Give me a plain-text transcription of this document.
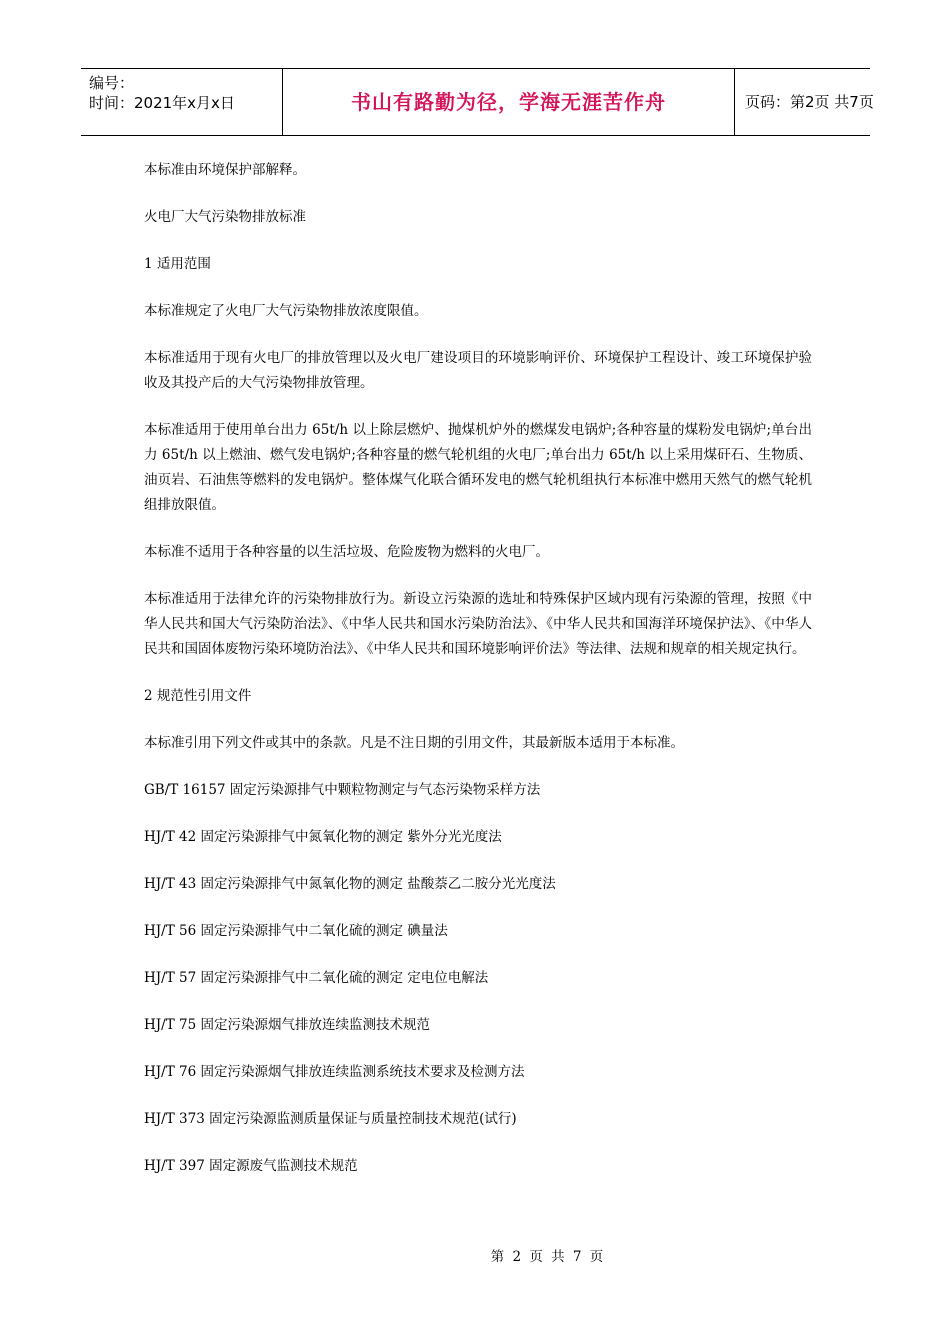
编号：
时间：2021年x月x日	书山有路勤为径，学海无涯苦作舟	页码：第2页 共7页

本标准由环境保护部解释。

火电厂大气污染物排放标准

1 适用范围

本标准规定了火电厂大气污染物排放浓度限值。

本标准适用于现有火电厂的排放管理以及火电厂建设项目的环境影响评价、环境保护工程设计、竣工环境保护验收及其投产后的大气污染物排放管理。

本标准适用于使用单台出力 65t/h 以上除层燃炉、抛煤机炉外的燃煤发电锅炉;各种容量的煤粉发电锅炉;单台出力 65t/h 以上燃油、燃气发电锅炉;各种容量的燃气轮机组的火电厂;单台出力 65t/h 以上采用煤矸石、生物质、油页岩、石油焦等燃料的发电锅炉。整体煤气化联合循环发电的燃气轮机组执行本标准中燃用天然气的燃气轮机组排放限值。

本标准不适用于各种容量的以生活垃圾、危险废物为燃料的火电厂。

本标准适用于法律允许的污染物排放行为。新设立污染源的选址和特殊保护区域内现有污染源的管理，按照《中华人民共和国大气污染防治法》、《中华人民共和国水污染防治法》、《中华人民共和国海洋环境保护法》、《中华人民共和国固体废物污染环境防治法》、《中华人民共和国环境影响评价法》等法律、法规和规章的相关规定执行。

2 规范性引用文件

本标准引用下列文件或其中的条款。凡是不注日期的引用文件，其最新版本适用于本标准。

GB/T 16157 固定污染源排气中颗粒物测定与气态污染物采样方法

HJ/T 42 固定污染源排气中氮氧化物的测定 紫外分光光度法

HJ/T 43 固定污染源排气中氮氧化物的测定 盐酸萘乙二胺分光光度法

HJ/T 56 固定污染源排气中二氧化硫的测定 碘量法

HJ/T 57 固定污染源排气中二氧化硫的测定 定电位电解法

HJ/T 75 固定污染源烟气排放连续监测技术规范

HJ/T 76 固定污染源烟气排放连续监测系统技术要求及检测方法

HJ/T 373 固定污染源监测质量保证与质量控制技术规范(试行)

HJ/T 397 固定源废气监测技术规范

第 2 页 共 7 页
